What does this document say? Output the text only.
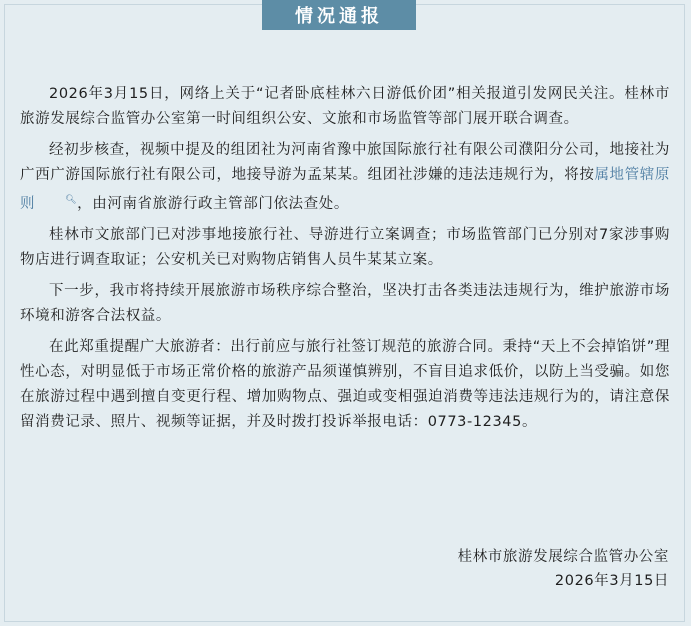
情况通报

2026年3月15日，网络上关于“记者卧底桂林六日游低价团”相关报道引发网民关注。桂林市旅游发展综合监管办公室第一时间组织公安、文旅和市场监管等部门展开联合调查。

经初步核查，视频中提及的组团社为河南省豫中旅国际旅行社有限公司濮阳分公司，地接社为广西广游国际旅行社有限公司，地接导游为孟某某。组团社涉嫌的违法违规行为，将按属地管辖原则	🔍︎，由河南省旅游行政主管部门依法查处。

桂林市文旅部门已对涉事地接旅行社、导游进行立案调查；市场监管部门已分别对7家涉事购物店进行调查取证；公安机关已对购物店销售人员牛某某立案。

下一步，我市将持续开展旅游市场秩序综合整治，坚决打击各类违法违规行为，维护旅游市场环境和游客合法权益。

在此郑重提醒广大旅游者：出行前应与旅行社签订规范的旅游合同。秉持“天上不会掉馅饼”理性心态，对明显低于市场正常价格的旅游产品须谨慎辨别，不盲目追求低价，以防上当受骗。如您在旅游过程中遇到擅自变更行程、增加购物点、强迫或变相强迫消费等违法违规行为的，请注意保留消费记录、照片、视频等证据，并及时拨打投诉举报电话：0773-12345。

桂林市旅游发展综合监管办公室
2026年3月15日
